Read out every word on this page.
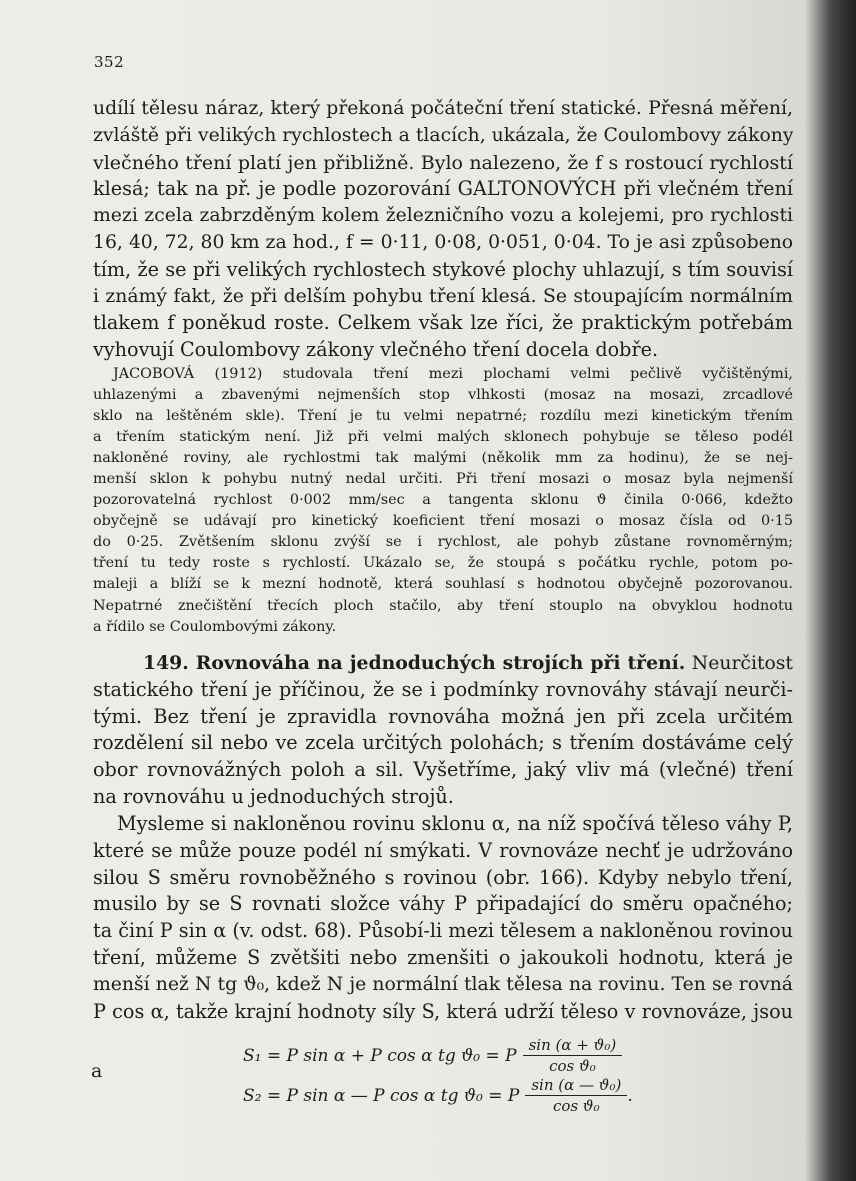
352
udílí tělesu náraz, který překoná počáteční tření statické. Přesná měření,
zvláště při velikých rychlostech a tlacích, ukázala, že Coulombovy zákony
vlečného tření platí jen přibližně. Bylo nalezeno, že f s rostoucí rychlostí
klesá; tak na př. je podle pozorování GALTONOVÝCH při vlečném tření
mezi zcela zabrzděným kolem železničního vozu a kolejemi, pro rychlosti
16, 40, 72, 80 km za hod., f = 0·11, 0·08, 0·051, 0·04. To je asi způsobeno
tím, že se při velikých rychlostech stykové plochy uhlazují, s tím souvisí
i známý fakt, že při delším pohybu tření klesá. Se stoupajícím normálním
tlakem f poněkud roste. Celkem však lze říci, že praktickým potřebám
vyhovují Coulombovy zákony vlečného tření docela dobře.
JACOBOVÁ (1912) studovala tření mezi plochami velmi pečlivě vyčištěnými,
uhlazenými a zbavenými nejmenších stop vlhkosti (mosaz na mosazi, zrcadlové
sklo na leštěném skle). Tření je tu velmi nepatrné; rozdílu mezi kinetickým třením
a třením statickým není. Již při velmi malých sklonech pohybuje se těleso podél
nakloněné roviny, ale rychlostmi tak malými (několik mm za hodinu), že se nej-
menší sklon k pohybu nutný nedal určiti. Při tření mosazi o mosaz byla nejmenší
pozorovatelná rychlost 0·002 mm/sec a tangenta sklonu ϑ činila 0·066, kdežto
obyčejně se udávají pro kinetický koeficient tření mosazi o mosaz čísla od 0·15
do 0·25. Zvětšením sklonu zvýší se i rychlost, ale pohyb zůstane rovnoměrným;
tření tu tedy roste s rychlostí. Ukázalo se, že stoupá s počátku rychle, potom po-
maleji a blíží se k mezní hodnotě, která souhlasí s hodnotou obyčejně pozorovanou.
Nepatrné znečištění třecích ploch stačilo, aby tření stouplo na obvyklou hodnotu
a řídilo se Coulombovými zákony.
149. Rovnováha na jednoduchých strojích při tření. Neurčitost
statického tření je příčinou, že se i podmínky rovnováhy stávají neurči-
tými. Bez tření je zpravidla rovnováha možná jen při zcela určitém
rozdělení sil nebo ve zcela určitých polohách; s třením dostáváme celý
obor rovnovážných poloh a sil. Vyšetříme, jaký vliv má (vlečné) tření
na rovnováhu u jednoduchých strojů.
Mysleme si nakloněnou rovinu sklonu α, na níž spočívá těleso váhy P,
které se může pouze podél ní smýkati. V rovnováze nechť je udržováno
silou S směru rovnoběžného s rovinou (obr. 166). Kdyby nebylo tření,
musilo by se S rovnati složce váhy P připadající do směru opačného;
ta činí P sin α (v. odst. 68). Působí-li mezi tělesem a nakloněnou rovinou
tření, můžeme S zvětšiti nebo zmenšiti o jakoukoli hodnotu, která je
menší než N tg ϑ₀, kdež N je normální tlak tělesa na rovinu. Ten se rovná
P cos α, takže krajní hodnoty síly S, která udrží těleso v rovnováze, jsou
a
S₁ = P sin α + P cos α tg ϑ₀ = P $\frac{\text{sin (α + ϑ₀)}}{\text{cos ϑ₀}}$
S₂ = P sin α — P cos α tg ϑ₀ = P $\frac{\text{sin (α — ϑ₀)}}{\text{cos ϑ₀}}$ .
